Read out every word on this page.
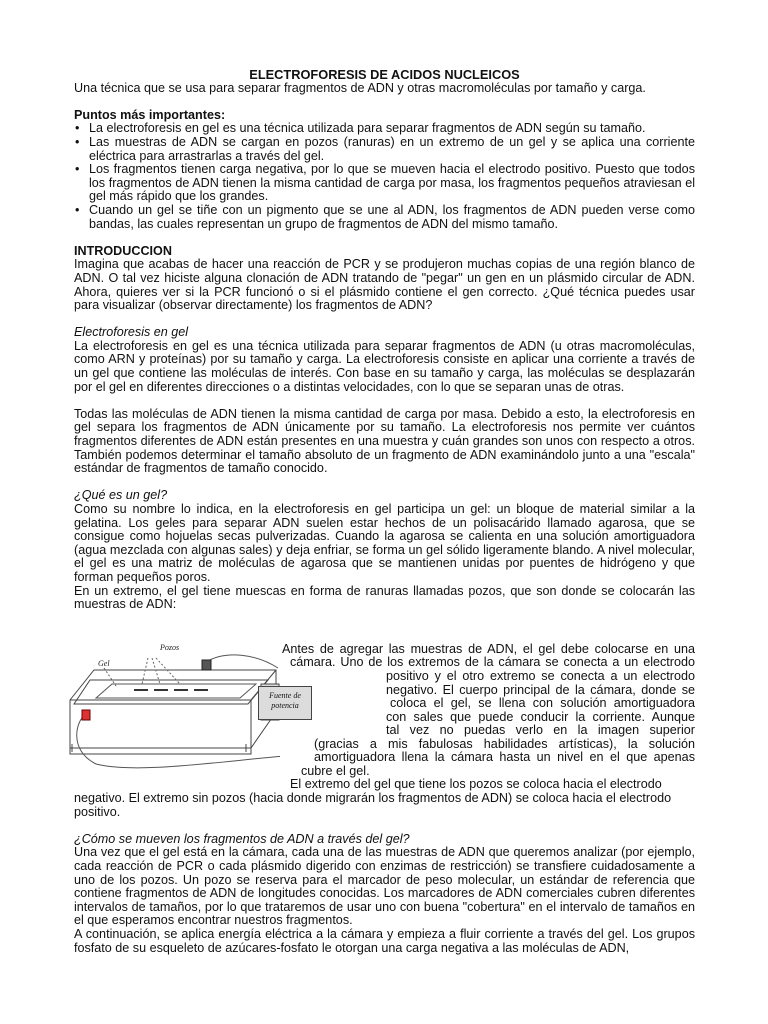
ELECTROFORESIS DE ACIDOS NUCLEICOS

Una técnica que se usa para separar fragmentos de ADN y otras macromoléculas por tamaño y carga.

Puntos más importantes:

• La electroforesis en gel es una técnica utilizada para separar fragmentos de ADN según su tamaño.
• Las muestras de ADN se cargan en pozos (ranuras) en un extremo de un gel y se aplica una corriente eléctrica para arrastrarlas a través del gel.
• Los fragmentos tienen carga negativa, por lo que se mueven hacia el electrodo positivo. Puesto que todos los fragmentos de ADN tienen la misma cantidad de carga por masa, los fragmentos pequeños atraviesan el gel más rápido que los grandes.
• Cuando un gel se tiñe con un pigmento que se une al ADN, los fragmentos de ADN pueden verse como bandas, las cuales representan un grupo de fragmentos de ADN del mismo tamaño.

INTRODUCCION

Imagina que acabas de hacer una reacción de PCR y se produjeron muchas copias de una región blanco de ADN. O tal vez hiciste alguna clonación de ADN tratando de "pegar" un gen en un plásmido circular de ADN. Ahora, quieres ver si la PCR funcionó o si el plásmido contiene el gen correcto. ¿Qué técnica puedes usar para visualizar (observar directamente) los fragmentos de ADN?

Electroforesis en gel

La electroforesis en gel es una técnica utilizada para separar fragmentos de ADN (u otras macromoléculas, como ARN y proteínas) por su tamaño y carga. La electroforesis consiste en aplicar una corriente a través de un gel que contiene las moléculas de interés. Con base en su tamaño y carga, las moléculas se desplazarán por el gel en diferentes direcciones o a distintas velocidades, con lo que se separan unas de otras.

Todas las moléculas de ADN tienen la misma cantidad de carga por masa. Debido a esto, la electroforesis en gel separa los fragmentos de ADN únicamente por su tamaño. La electroforesis nos permite ver cuántos fragmentos diferentes de ADN están presentes en una muestra y cuán grandes son unos con respecto a otros. También podemos determinar el tamaño absoluto de un fragmento de ADN examinándolo junto a una "escala" estándar de fragmentos de tamaño conocido.

¿Qué es un gel?

Como su nombre lo indica, en la electroforesis en gel participa un gel: un bloque de material similar a la gelatina. Los geles para separar ADN suelen estar hechos de un polisacárido llamado agarosa, que se consigue como hojuelas secas pulverizadas. Cuando la agarosa se calienta en una solución amortiguadora (agua mezclada con algunas sales) y deja enfriar, se forma un gel sólido ligeramente blando. A nivel molecular, el gel es una matriz de moléculas de agarosa que se mantienen unidas por puentes de hidrógeno y que forman pequeños poros.

En un extremo, el gel tiene muescas en forma de ranuras llamadas pozos, que son donde se colocarán las muestras de ADN:

Gel
Pozos
Fuente de potencia
Antes de agregar las muestras de ADN, el gel debe colocarse en una
cámara. Uno de los extremos de la cámara se conecta a un electrodo
positivo y el otro extremo se conecta a un electrodo
negativo. El cuerpo principal de la cámara, donde se
coloca el gel, se llena con solución amortiguadora
con sales que puede conducir la corriente. Aunque
tal vez no puedas verlo en la imagen superior
(gracias a mis fabulosas habilidades artísticas), la solución
amortiguadora llena la cámara hasta un nivel en el que apenas
cubre el gel.
El extremo del gel que tiene los pozos se coloca hacia el electrodo

negativo. El extremo sin pozos (hacia donde migrarán los fragmentos de ADN) se coloca hacia el electrodo positivo.

¿Cómo se mueven los fragmentos de ADN a través del gel?

Una vez que el gel está en la cámara, cada una de las muestras de ADN que queremos analizar (por ejemplo, cada reacción de PCR o cada plásmido digerido con enzimas de restricción) se transfiere cuidadosamente a uno de los pozos. Un pozo se reserva para el marcador de peso molecular, un estándar de referencia que contiene fragmentos de ADN de longitudes conocidas. Los marcadores de ADN comerciales cubren diferentes intervalos de tamaños, por lo que trataremos de usar uno con buena "cobertura" en el intervalo de tamaños en el que esperamos encontrar nuestros fragmentos.

A continuación, se aplica energía eléctrica a la cámara y empieza a fluir corriente a través del gel. Los grupos fosfato de su esqueleto de azúcares-fosfato le otorgan una carga negativa a las moléculas de ADN,
